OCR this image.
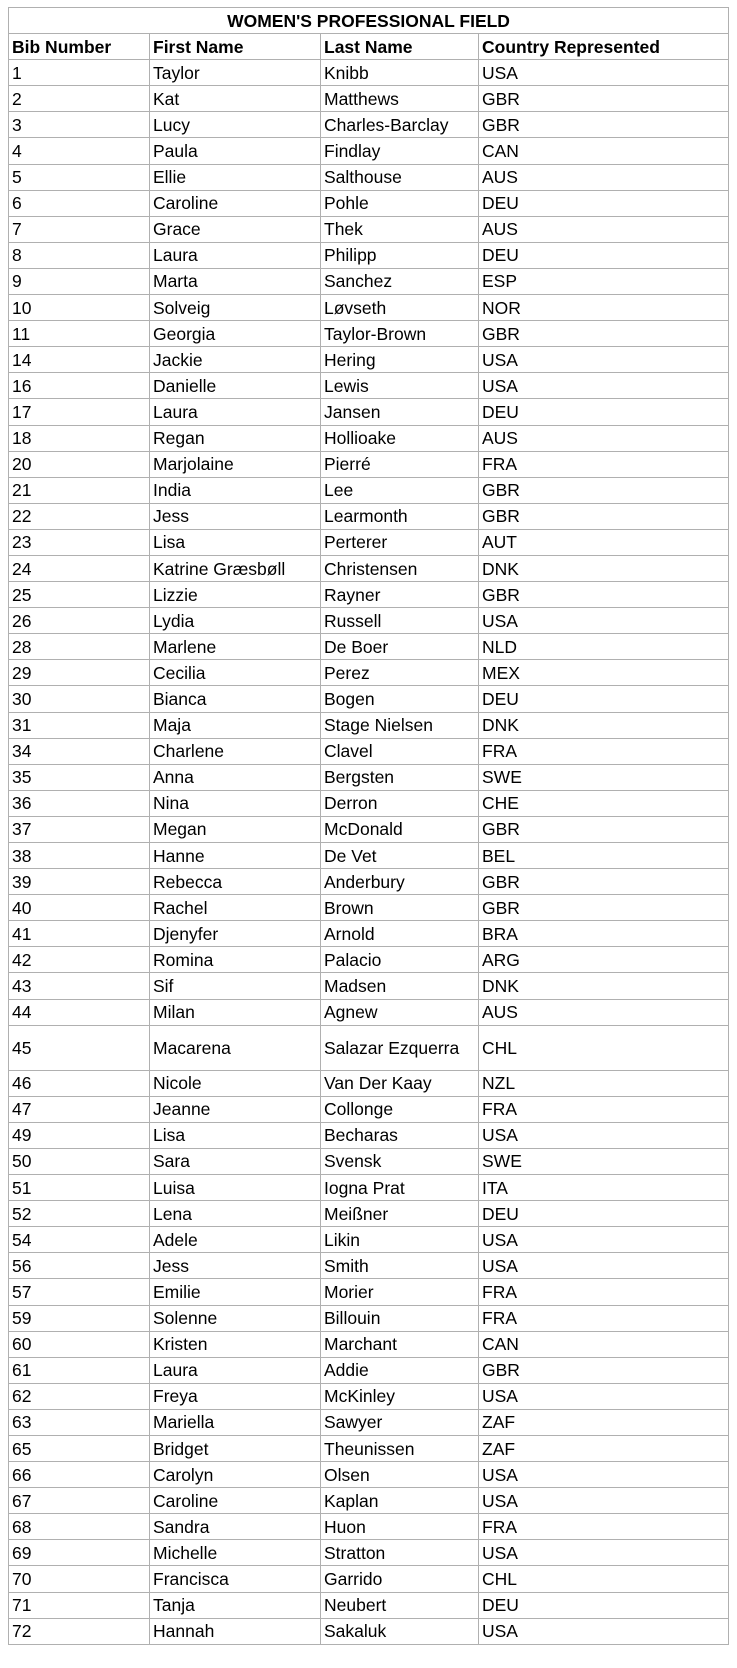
WOMEN'S PROFESSIONAL FIELD			
Bib Number	First Name	Last Name	Country Represented
1	Taylor	Knibb	USA
2	Kat	Matthews	GBR
3	Lucy	Charles-Barclay	GBR
4	Paula	Findlay	CAN
5	Ellie	Salthouse	AUS
6	Caroline	Pohle	DEU
7	Grace	Thek	AUS
8	Laura	Philipp	DEU
9	Marta	Sanchez	ESP
10	Solveig	Løvseth	NOR
11	Georgia	Taylor-Brown	GBR
14	Jackie	Hering	USA
16	Danielle	Lewis	USA
17	Laura	Jansen	DEU
18	Regan	Hollioake	AUS
20	Marjolaine	Pierré	FRA
21	India	Lee	GBR
22	Jess	Learmonth	GBR
23	Lisa	Perterer	AUT
24	Katrine Græsbøll	Christensen	DNK
25	Lizzie	Rayner	GBR
26	Lydia	Russell	USA
28	Marlene	De Boer	NLD
29	Cecilia	Perez	MEX
30	Bianca	Bogen	DEU
31	Maja	Stage Nielsen	DNK
34	Charlene	Clavel	FRA
35	Anna	Bergsten	SWE
36	Nina	Derron	CHE
37	Megan	McDonald	GBR
38	Hanne	De Vet	BEL
39	Rebecca	Anderbury	GBR
40	Rachel	Brown	GBR
41	Djenyfer	Arnold	BRA
42	Romina	Palacio	ARG
43	Sif	Madsen	DNK
44	Milan	Agnew	AUS
45	Macarena	Salazar Ezquerra	CHL
46	Nicole	Van Der Kaay	NZL
47	Jeanne	Collonge	FRA
49	Lisa	Becharas	USA
50	Sara	Svensk	SWE
51	Luisa	Iogna Prat	ITA
52	Lena	Meißner	DEU
54	Adele	Likin	USA
56	Jess	Smith	USA
57	Emilie	Morier	FRA
59	Solenne	Billouin	FRA
60	Kristen	Marchant	CAN
61	Laura	Addie	GBR
62	Freya	McKinley	USA
63	Mariella	Sawyer	ZAF
65	Bridget	Theunissen	ZAF
66	Carolyn	Olsen	USA
67	Caroline	Kaplan	USA
68	Sandra	Huon	FRA
69	Michelle	Stratton	USA
70	Francisca	Garrido	CHL
71	Tanja	Neubert	DEU
72	Hannah	Sakaluk	USA
